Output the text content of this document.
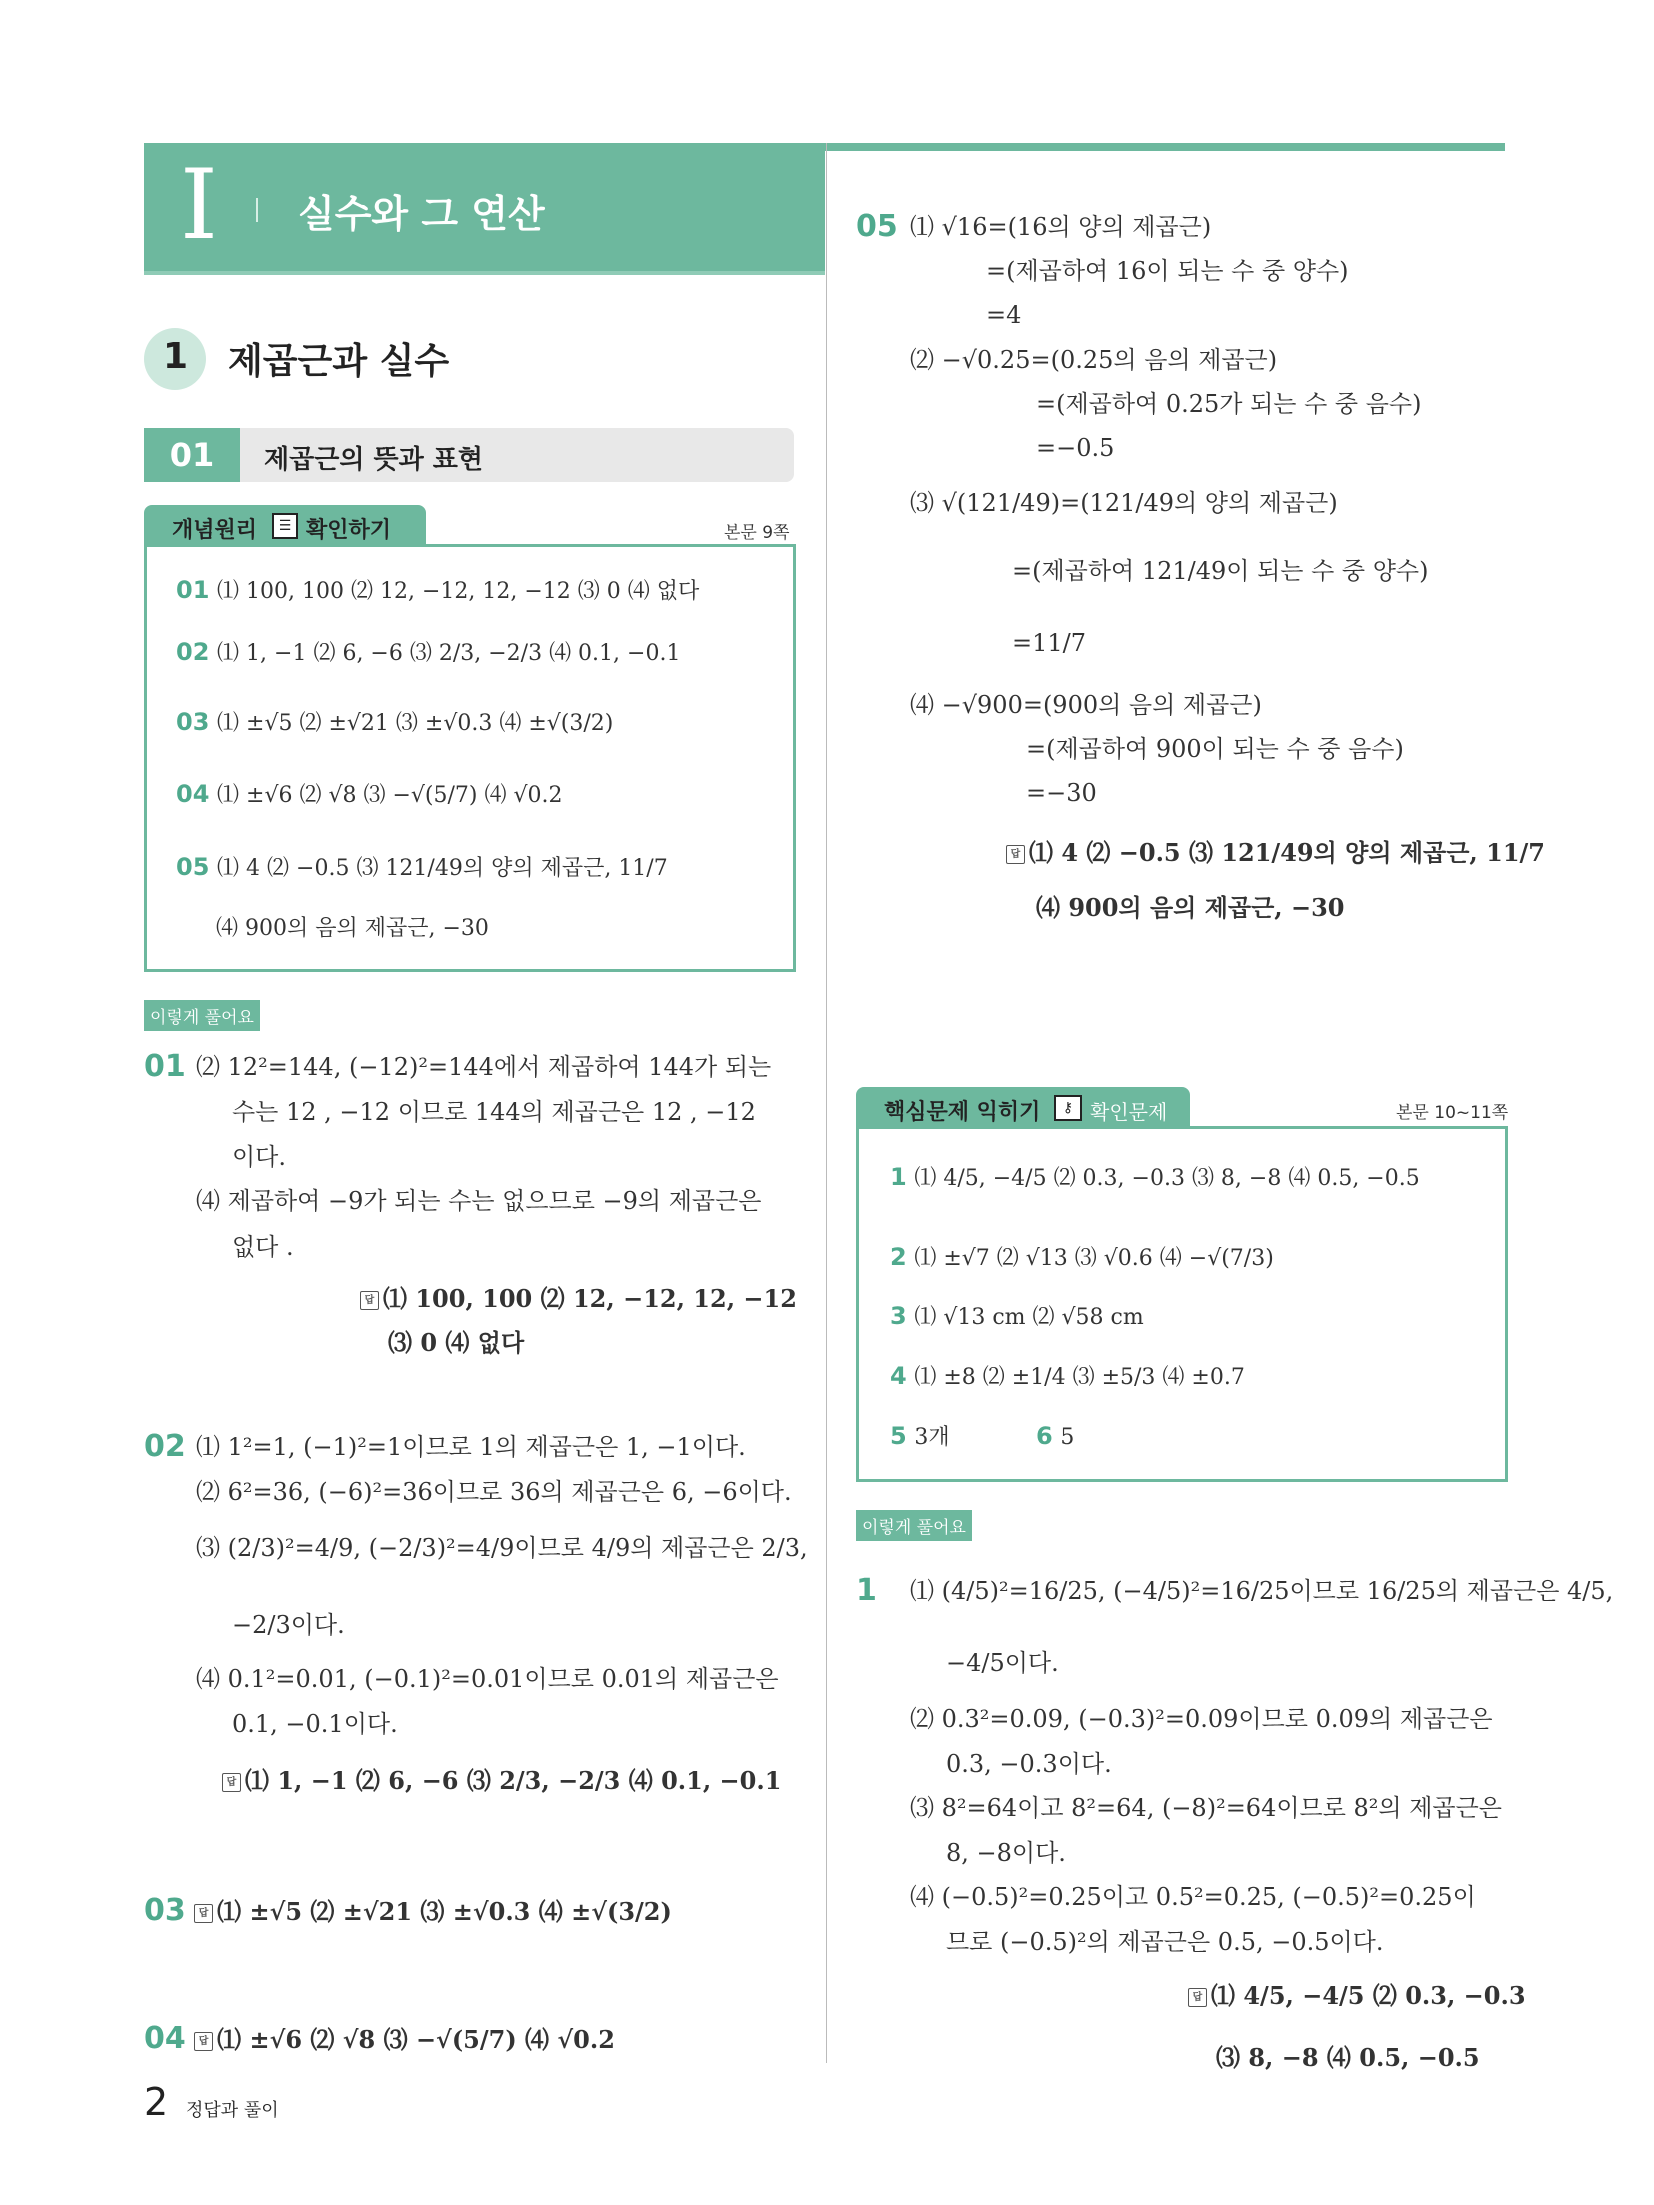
I 실수와 그 연산
1 제곱근과 실수
01	제곱근의 뜻과 표현
개념원리	☰ 확인하기	본문 9쪽
01 ⑴ 100, 100 ⑵ 12, −12, 12, −12 ⑶ 0 ⑷ 없다
02 ⑴ 1, −1 ⑵ 6, −6 ⑶ 2/3, −2/3 ⑷ 0.1, −0.1
03 ⑴ ±√5 ⑵ ±√21 ⑶ ±√0.3 ⑷ ±√(3/2)
04 ⑴ ±√6 ⑵ √8 ⑶ −√(5/7) ⑷ √0.2
05 ⑴ 4 ⑵ −0.5 ⑶ 121/49의 양의 제곱근, 11/7
⑷ 900의 음의 제곱근, −30
이렇게 풀어요
01 ⑵ 12²=144, (−12)²=144에서 제곱하여 144가 되는
수는 12 , −12 이므로 144의 제곱근은 12 , −12
이다.
⑷ 제곱하여 −9가 되는 수는 없으므로 −9의 제곱근은
없다 .
답 ⑴ 100, 100 ⑵ 12, −12, 12, −12
⑶ 0 ⑷ 없다
02 ⑴ 1²=1, (−1)²=1이므로 1의 제곱근은 1, −1이다.
⑵ 6²=36, (−6)²=36이므로 36의 제곱근은 6, −6이다.
⑶ (2/3)²=4/9, (−2/3)²=4/9이므로 4/9의 제곱근은 2/3,
−2/3이다.
⑷ 0.1²=0.01, (−0.1)²=0.01이므로 0.01의 제곱근은
0.1, −0.1이다.
답 ⑴ 1, −1 ⑵ 6, −6 ⑶ 2/3, −2/3 ⑷ 0.1, −0.1
03 답 ⑴ ±√5 ⑵ ±√21 ⑶ ±√0.3 ⑷ ±√(3/2)
04 답 ⑴ ±√6 ⑵ √8 ⑶ −√(5/7) ⑷ √0.2
2 정답과 풀이
05 ⑴ √16=(16의 양의 제곱근)
=(제곱하여 16이 되는 수 중 양수)
=4
⑵ −√0.25=(0.25의 음의 제곱근)
=(제곱하여 0.25가 되는 수 중 음수)
=−0.5
⑶ √(121/49)=(121/49의 양의 제곱근)
=(제곱하여 121/49이 되는 수 중 양수)
=11/7
⑷ −√900=(900의 음의 제곱근)
=(제곱하여 900이 되는 수 중 음수)
=−30
답 ⑴ 4 ⑵ −0.5 ⑶ 121/49의 양의 제곱근, 11/7
⑷ 900의 음의 제곱근, −30
핵심문제 익히기	⚷ 확인문제	본문 10~11쪽
1 ⑴ 4/5, −4/5 ⑵ 0.3, −0.3 ⑶ 8, −8 ⑷ 0.5, −0.5
2 ⑴ ±√7 ⑵ √13 ⑶ √0.6 ⑷ −√(7/3)
3 ⑴ √13 cm ⑵ √58 cm
4 ⑴ ±8 ⑵ ±1/4 ⑶ ±5/3 ⑷ ±0.7
5 3개	6 5
이렇게 풀어요
1 ⑴ (4/5)²=16/25, (−4/5)²=16/25이므로 16/25의 제곱근은 4/5,
−4/5이다.
⑵ 0.3²=0.09, (−0.3)²=0.09이므로 0.09의 제곱근은
0.3, −0.3이다.
⑶ 8²=64이고 8²=64, (−8)²=64이므로 8²의 제곱근은
8, −8이다.
⑷ (−0.5)²=0.25이고 0.5²=0.25, (−0.5)²=0.25이
므로 (−0.5)²의 제곱근은 0.5, −0.5이다.
답 ⑴ 4/5, −4/5 ⑵ 0.3, −0.3
⑶ 8, −8 ⑷ 0.5, −0.5
